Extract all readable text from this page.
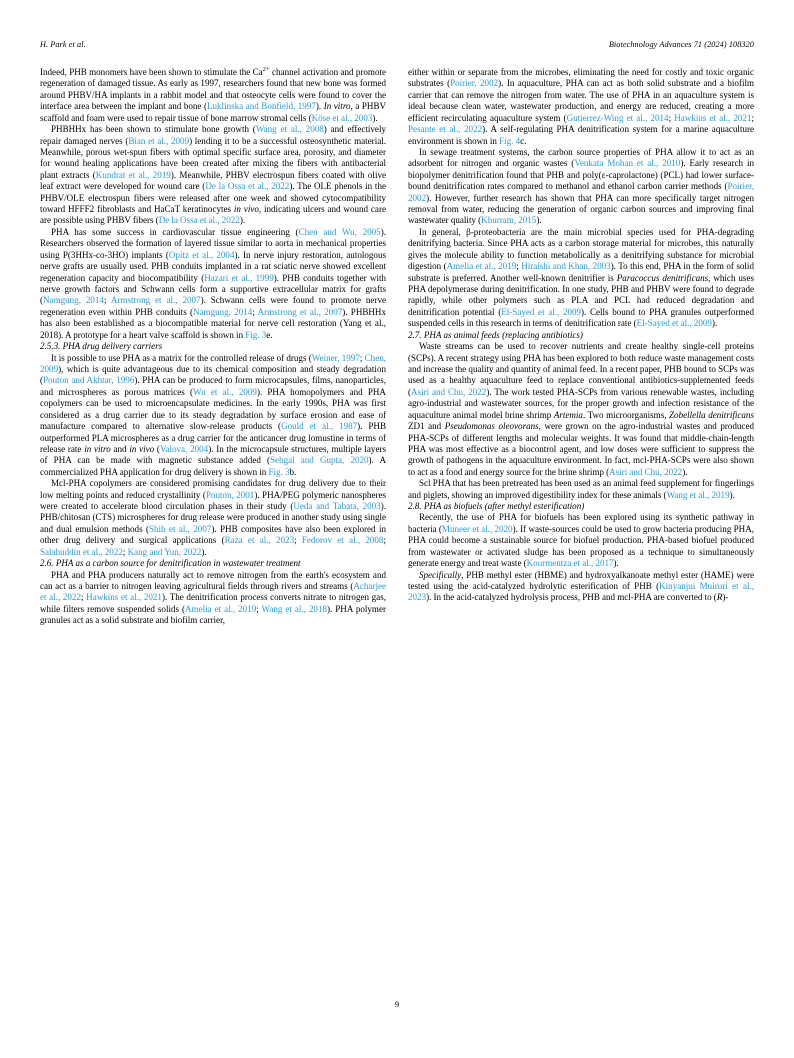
H. Park et al.	Biotechnology Advances 71 (2024) 108320

Indeed, PHB monomers have been shown to stimulate the $Ca^{2+}$ channel activation and promote regeneration of damaged tissue. As early as 1997, researchers found that new bone was formed around PHBV/HA implants in a rabbit model and that osteocyte cells were found to cover the interface area between the implant and bone (Luklinska and Bonfield, 1997). In vitro, a PHBV scaffold and foam were used to repair tissue of bone marrow stromal cells (Köse et al., 2003).

PHBHHx has been shown to stimulate bone growth (Wang et al., 2008) and effectively repair damaged nerves (Bian et al., 2009) lending it to be a successful osteosynthetic material. Meanwhile, porous wet-spun fibers with optimal specific surface area, porosity, and diameter for wound healing applications have been created after mixing the fibers with antibacterial plant extracts (Kundrat et al., 2019). Meanwhile, PHBV electrospun fibers coated with olive leaf extract were developed for wound care (De la Ossa et al., 2022). The OLE phenols in the PHBV/OLE electrospun fibers were released after one week and showed cytocompatibility toward HFFF2 fibroblasts and HaCaT keratinocytes in vivo, indicating ulcers and wound care are possible using PHBV fibers (De la Ossa et al., 2022).

PHA has some success in cardiovascular tissue engineering (Chen and Wu, 2005). Researchers observed the formation of layered tissue similar to aorta in mechanical properties using P(3HHx-co-3HO) implants (Opitz et al., 2004). In nerve injury restoration, autologous nerve grafts are usually used. PHB conduits implanted in a rat sciatic nerve showed excellent regeneration capacity and biocompatibility (Hazari et al., 1999). PHB conduits together with nerve growth factors and Schwann cells form a supportive extracellular matrix for grafts (Namgung, 2014; Armstrong et al., 2007). Schwann cells were found to promote nerve regeneration even within PHB conduits (Namgung, 2014; Armstrong et al., 2007). PHBHHx has also been established as a biocompatible material for nerve cell restoration (Yang et al., 2018). A prototype for a heart valve scaffold is shown in Fig. 3e.

2.5.3. PHA drug delivery carriers

It is possible to use PHA as a matrix for the controlled release of drugs (Weiner, 1997; Chen, 2009), which is quite advantageous due to its chemical composition and steady degradation (Pouton and Akhtar, 1996). PHA can be produced to form microcapsules, films, nanoparticles, and microspheres as porous matrices (Wu et al., 2009). PHA homopolymers and PHA copolymers can be used to microencapsulate medicines. In the early 1990s, PHA was first considered as a drug carrier due to its steady degradation by surface erosion and ease of manufacture compared to alternative slow-release products (Gould et al., 1987). PHB outperformed PLA microspheres as a drug carrier for the anticancer drug lomustine in terms of release rate in vitro and in vivo (Valova, 2004). In the microcapsule structures, multiple layers of PHA can be made with magnetic substance added (Sehgal and Gupta, 2020). A commercialized PHA application for drug delivery is shown in Fig. 3b.

Mcl-PHA copolymers are considered promising candidates for drug delivery due to their low melting points and reduced crystallinity (Pouton, 2001). PHA/PEG polymeric nanospheres were created to accelerate blood circulation phases in their study (Ueda and Tabata, 2003). PHB/chitosan (CTS) microspheres for drug release were produced in another study using single and dual emulsion methods (Shih et al., 2007). PHB composites have also been explored in other drug delivery and surgical applications (Raza et al., 2023; Fedorov et al., 2008; Salahuddin et al., 2022; Kang and Yun, 2022).

2.6. PHA as a carbon source for denitrification in wastewater treatment

PHA and PHA producers naturally act to remove nitrogen from the earth's ecosystem and can act as a barrier to nitrogen leaving agricultural fields through rivers and streams (Acharjee et al., 2022; Hawkins et al., 2021). The denitrification process converts nitrate to nitrogen gas, while filters remove suspended solids (Amelia et al., 2019; Wang et al., 2018). PHA polymer granules act as a solid substrate and biofilm carrier,

either within or separate from the microbes, eliminating the need for costly and toxic organic substrates (Poirier, 2002). In aquaculture, PHA can act as both solid substrate and a biofilm carrier that can remove the nitrogen from water. The use of PHA in an aquaculture system is ideal because clean water, wastewater production, and energy are reduced, creating a more efficient recirculating aquaculture system (Gutierrez-Wing et al., 2014; Hawkins et al., 2021; Pesante et al., 2022). A self-regulating PHA denitrification system for a marine aquaculture environment is shown in Fig. 4c.

In sewage treatment systems, the carbon source properties of PHA allow it to act as an adsorbent for nitrogen and organic wastes (Venkata Mohan et al., 2010). Early research in biopolymer denitrification found that PHB and poly(ε-caprolactone) (PCL) had lower surface-bound denitrification rates compared to methanol and ethanol carbon carrier methods (Poirier, 2002). However, further research has shown that PHA can more specifically target nitrogen removal from water, reducing the generation of organic carbon sources and improving final wastewater quality (Khurram, 2015).

In general, β-proteobacteria are the main microbial species used for PHA-degrading denitrifying bacteria. Since PHA acts as a carbon storage material for microbes, this naturally gives the molecule ability to function metabolically as a denitrifying substance for microbial digestion (Amelia et al., 2019; Hiraishi and Khan, 2003). To this end, PHA in the form of solid substrate is preferred. Another well-known denitrifier is Paracoccus denitrificans, which uses PHA depolymerase during denitrification. In one study, PHB and PHBV were found to degrade rapidly, while other polymers such as PLA and PCL had reduced degradation and denitrification potential (El-Sayed et al., 2009). Cells bound to PHA granules outperformed suspended cells in this research in terms of denitrification rate (El-Sayed et al., 2009).

2.7. PHA as animal feeds (replacing antibiotics)

Waste streams can be used to recover nutrients and create healthy single-cell proteins (SCPs). A recent strategy using PHA has been explored to both reduce waste management costs and increase the quality and quantity of animal feed. In a recent paper, PHB bound to SCPs was used as a healthy aquaculture feed to replace conventional antibiotics-supplemented feeds (Asiri and Chu, 2022). The work tested PHA-SCPs from various renewable wastes, including agro-industrial and wastewater sources, for the proper growth and infection resistance of the aquaculture animal model brine shrimp Artemia. Two microorganisms, Zobellella denitrificans ZD1 and Pseudomonas oleovorans, were grown on the agro-industrial wastes and produced PHA-SCPs of different lengths and molecular weights. It was found that middle-chain-length PHA was most effective as a biocontrol agent, and low doses were sufficient to suppress the growth of pathogens in the aquaculture environment. In fact, mcl-PHA-SCPs were also shown to act as a food and energy source for the brine shrimp (Asiri and Chu, 2022).

Scl PHA that has been pretreated has been used as an animal feed supplement for fingerlings and piglets, showing an improved digestibility index for these animals (Wang et al., 2019).

2.8. PHA as biofuels (after methyl esterification)

Recently, the use of PHA for biofuels has been explored using its synthetic pathway in bacteria (Muneer et al., 2020). If waste-sources could be used to grow bacteria producing PHA, PHA could become a sustainable source for biofuel production. PHA-based biofuel produced from wastewater or activated sludge has been proposed as a technique to simultaneously generate energy and treat waste (Kourmentza et al., 2017).

Specifically, PHB methyl ester (HBME) and hydroxyalkanoate methyl ester (HAME) were tested using the acid-catalyzed hydrolytic esterification of PHB (Kinyanjui Muiruri et al., 2023). In the acid-catalyzed hydrolysis process, PHB and mcl-PHA are converted to (R)-

9
